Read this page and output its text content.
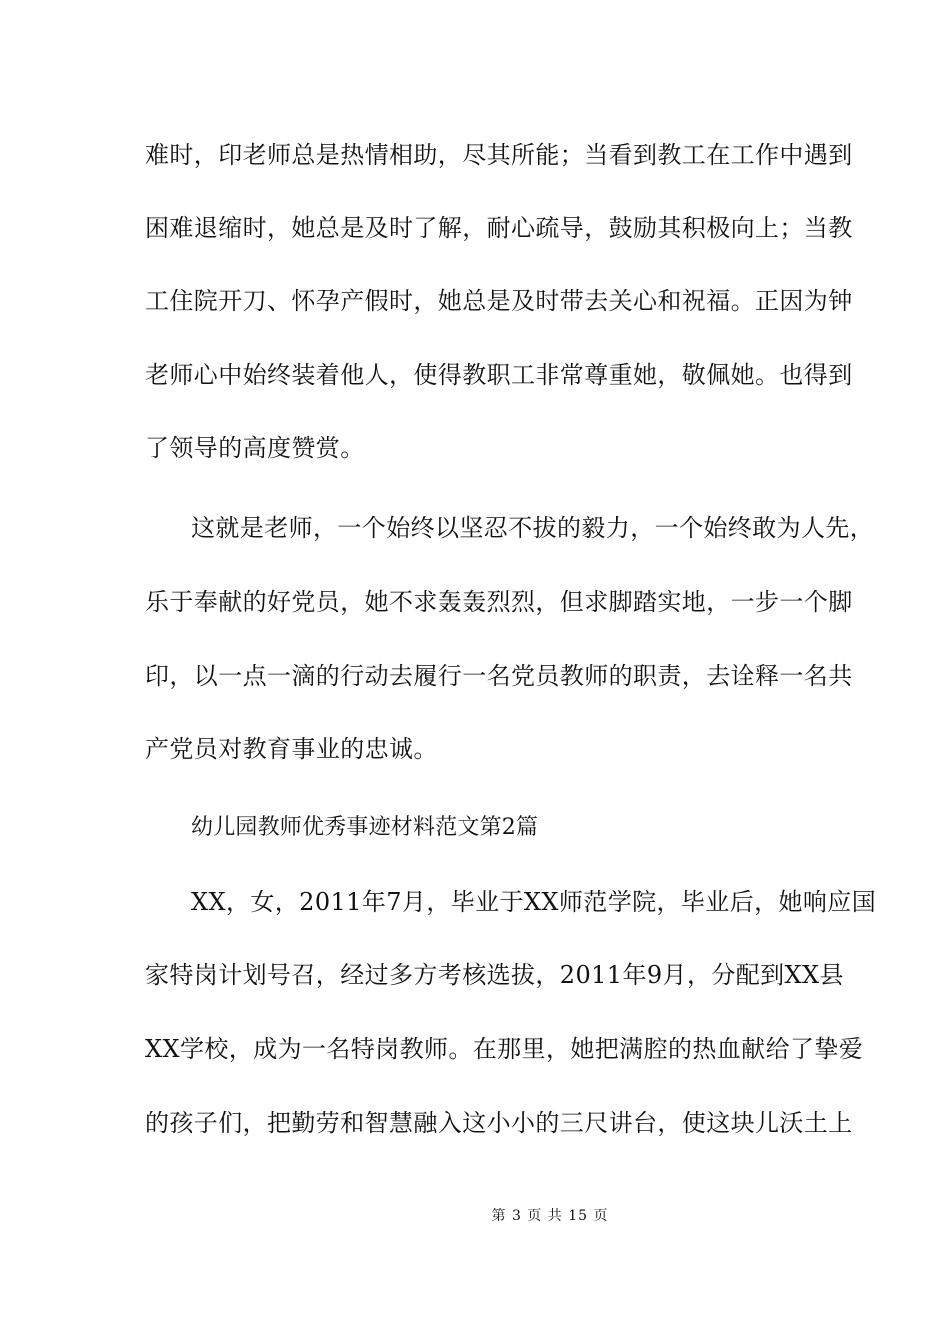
难时，印老师总是热情相助，尽其所能；当看到教工在工作中遇到
困难退缩时，她总是及时了解，耐心疏导，鼓励其积极向上；当教
工住院开刀、怀孕产假时，她总是及时带去关心和祝福。正因为钟
老师心中始终装着他人，使得教职工非常尊重她，敬佩她。也得到
了领导的高度赞赏。
这就是老师，一个始终以坚忍不拔的毅力，一个始终敢为人先，
乐于奉献的好党员，她不求轰轰烈烈，但求脚踏实地，一步一个脚
印，以一点一滴的行动去履行一名党员教师的职责，去诠释一名共
产党员对教育事业的忠诚。
幼儿园教师优秀事迹材料范文第2篇
XX，女，2011年7月，毕业于XX师范学院，毕业后，她响应国
家特岗计划号召，经过多方考核选拔，2011年9月，分配到XX县
XX学校，成为一名特岗教师。在那里，她把满腔的热血献给了挚爱
的孩子们，把勤劳和智慧融入这小小的三尺讲台，使这块儿沃土上
第 3 页 共 15 页
